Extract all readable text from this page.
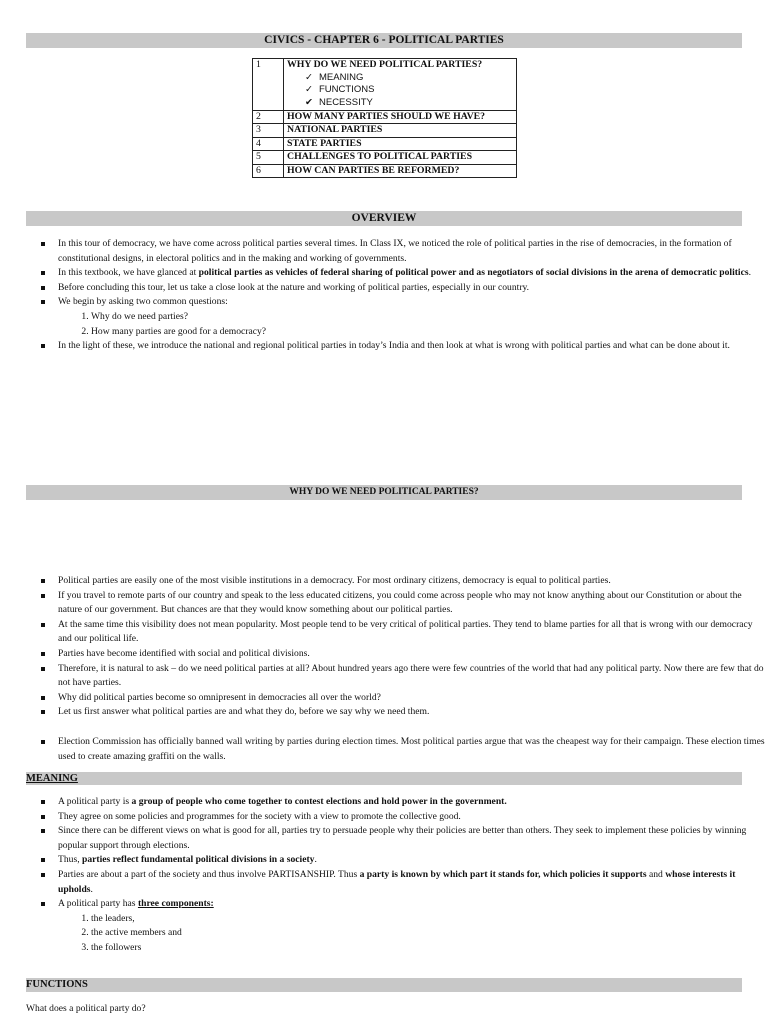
CIVICS - CHAPTER 6 - POLITICAL PARTIES
1	WHY DO WE NEED POLITICAL PARTIES?
✓ MEANING
✓ FUNCTIONS
✔ NECESSITY

2	HOW MANY PARTIES SHOULD WE HAVE?
3	NATIONAL PARTIES
4	STATE PARTIES
5	CHALLENGES TO POLITICAL PARTIES
6	HOW CAN PARTIES BE REFORMED?
OVERVIEW
In this tour of democracy, we have come across political parties several times. In Class IX, we noticed the role of political parties in the rise of democracies, in the formation of constitutional designs, in electoral politics and in the making and working of governments.
In this textbook, we have glanced at political parties as vehicles of federal sharing of political power and as negotiators of social divisions in the arena of democratic politics.
Before concluding this tour, let us take a close look at the nature and working of political parties, especially in our country.
We begin by asking two common questions:
1. Why do we need parties?
2. How many parties are good for a democracy?
In the light of these, we introduce the national and regional political parties in today’s India and then look at what is wrong with political parties and what can be done about it.
WHY DO WE NEED POLITICAL PARTIES?
Political parties are easily one of the most visible institutions in a democracy. For most ordinary citizens, democracy is equal to political parties.
If you travel to remote parts of our country and speak to the less educated citizens, you could come across people who may not know anything about our Constitution or about the nature of our government. But chances are that they would know something about our political parties.
At the same time this visibility does not mean popularity. Most people tend to be very critical of political parties. They tend to blame parties for all that is wrong with our democracy and our political life.
Parties have become identified with social and political divisions.
Therefore, it is natural to ask – do we need political parties at all? About hundred years ago there were few countries of the world that had any political party. Now there are few that do not have parties.
Why did political parties become so omnipresent in democracies all over the world?
Let us first answer what political parties are and what they do, before we say why we need them.
Election Commission has officially banned wall writing by parties during election times. Most political parties argue that was the cheapest way for their campaign. These election times used to create amazing graffiti on the walls.
MEANING
A political party is a group of people who come together to contest elections and hold power in the government.
They agree on some policies and programmes for the society with a view to promote the collective good.
Since there can be different views on what is good for all, parties try to persuade people why their policies are better than others. They seek to implement these policies by winning popular support through elections.
Thus, parties reflect fundamental political divisions in a society.
Parties are about a part of the society and thus involve PARTISANSHIP. Thus a party is known by which part it stands for, which policies it supports and whose interests it upholds.
A political party has three components:
1. the leaders,
2. the active members and
3. the followers
FUNCTIONS
What does a political party do?
